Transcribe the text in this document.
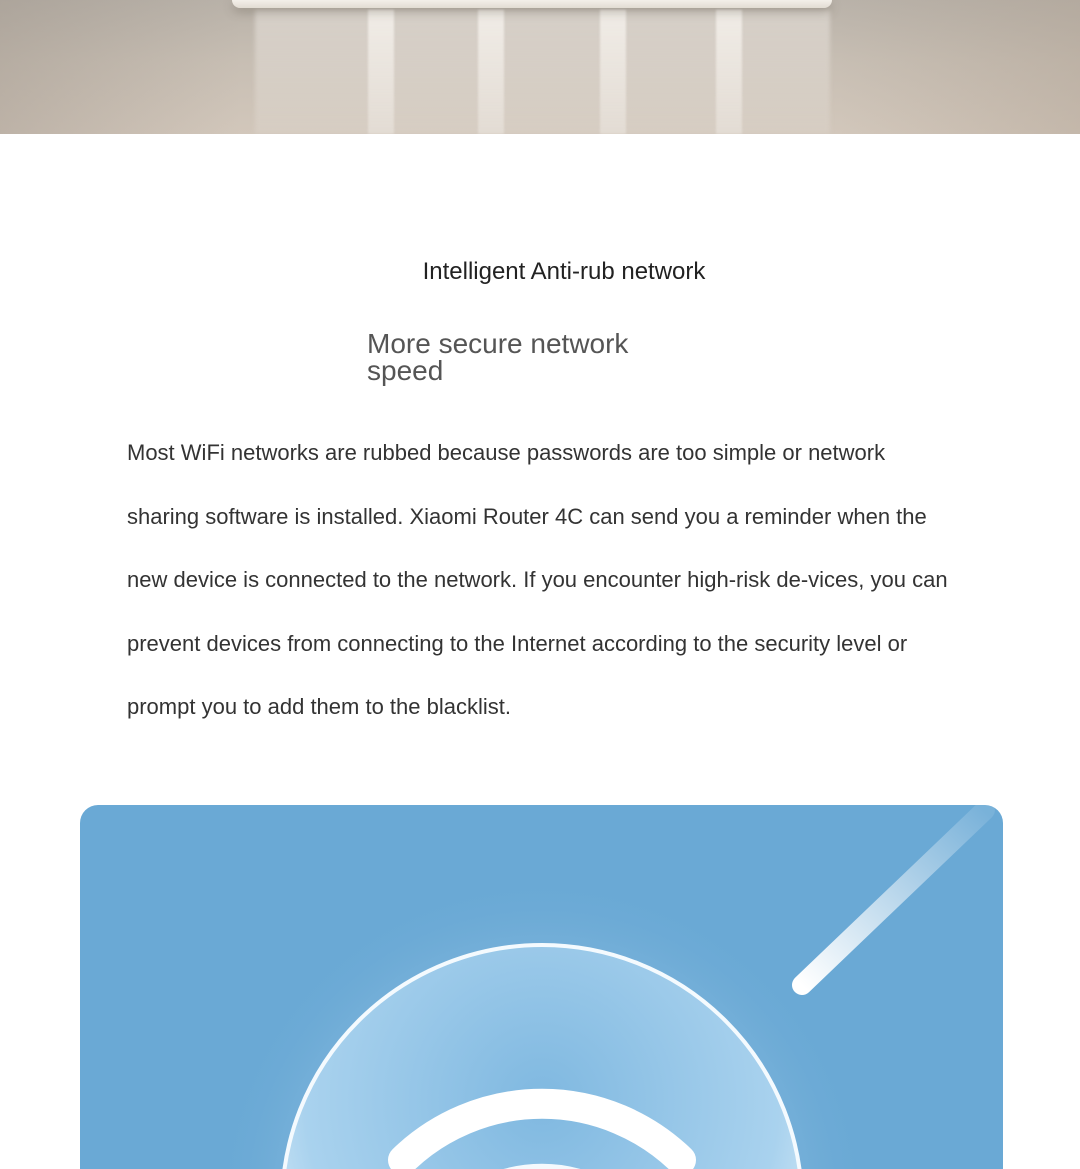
Intelligent Anti-rub network

More secure network speed

Most WiFi networks are rubbed because passwords are too simple or network sharing software is installed. Xiaomi Router 4C can send you a reminder when the new device is connected to the network. If you encounter high-risk de-vices, you can prevent devices from connecting to the Internet according to the security level or prompt you to add them to the blacklist.
